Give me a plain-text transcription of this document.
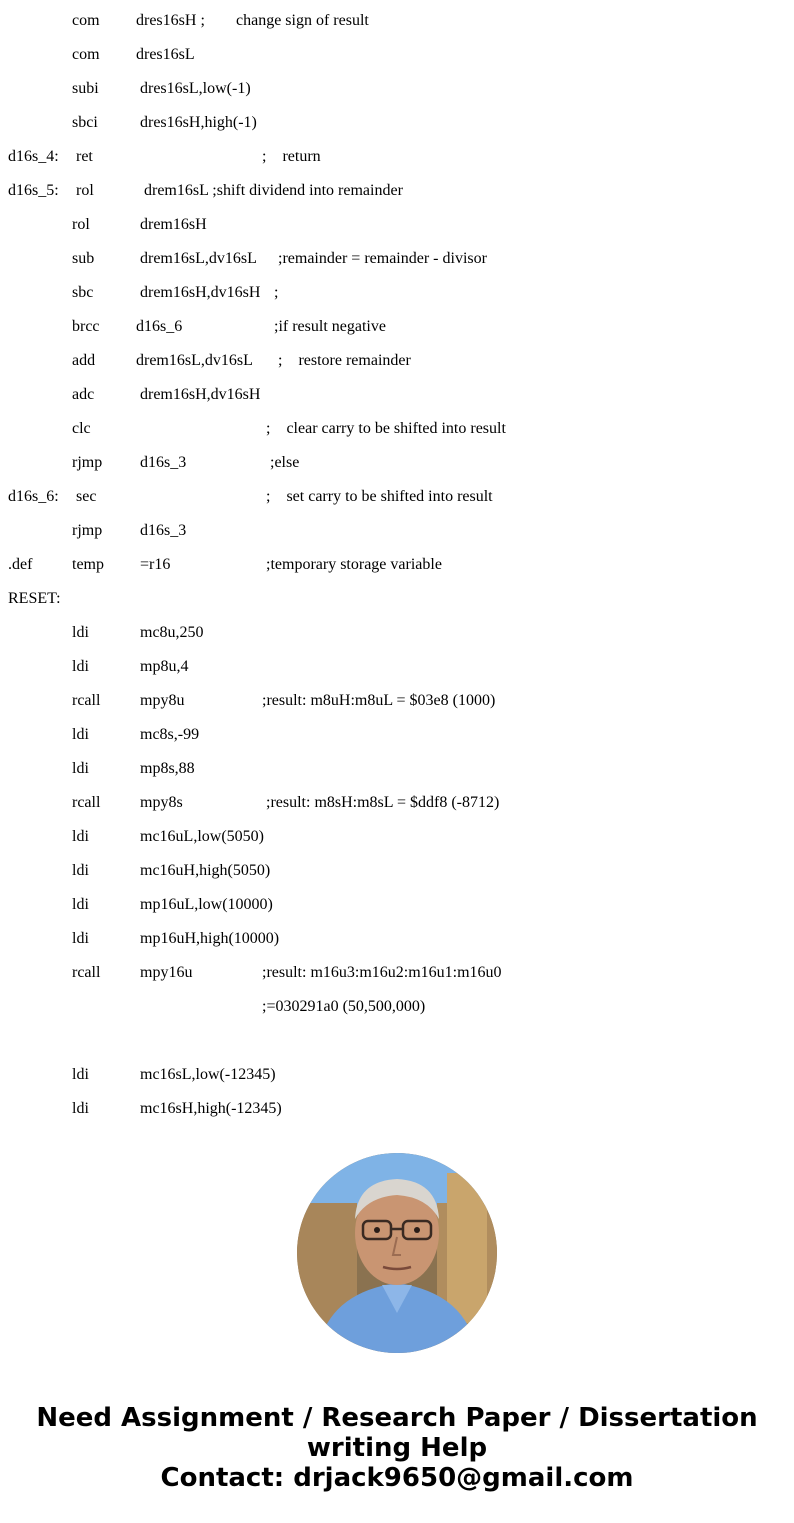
com dres16sH ; change sign of result
com dres16sL
subi dres16sL,low(-1)
sbci dres16sH,high(-1)
d16s_4: ret	;    return
d16s_5: rol	drem16sL ;shift dividend into remainder
rol	drem16sH
sub	drem16sL,dv16sL ;remainder = remainder - divisor
sbc	drem16sH,dv16sH ;
brcc d16s_6	;if result negative
add	drem16sL,dv16sL ;    restore remainder
adc	drem16sH,dv16sH
clc	;    clear carry to be shifted into result
rjmp d16s_3	;else
d16s_6: sec	;    set carry to be shifted into result
rjmp d16s_3
.def temp =r16	;temporary storage variable
RESET:
ldi	mc8u,250
ldi	mp8u,4
rcall mpy8u	;result: m8uH:m8uL = $03e8 (1000)
ldi	mc8s,-99
ldi	mp8s,88
rcall mpy8s	;result: m8sH:m8sL = $ddf8 (-8712)
ldi	mc16uL,low(5050)
ldi	mc16uH,high(5050)
ldi	mp16uL,low(10000)
ldi	mp16uH,high(10000)
rcall mpy16u	;result: m16u3:m16u2:m16u1:m16u0
;=030291a0 (50,500,000)
ldi	mc16sL,low(-12345)
ldi	mc16sH,high(-12345)
Need Assignment / Research Paper / Dissertation
writing Help
Contact: drjack9650@gmail.com
